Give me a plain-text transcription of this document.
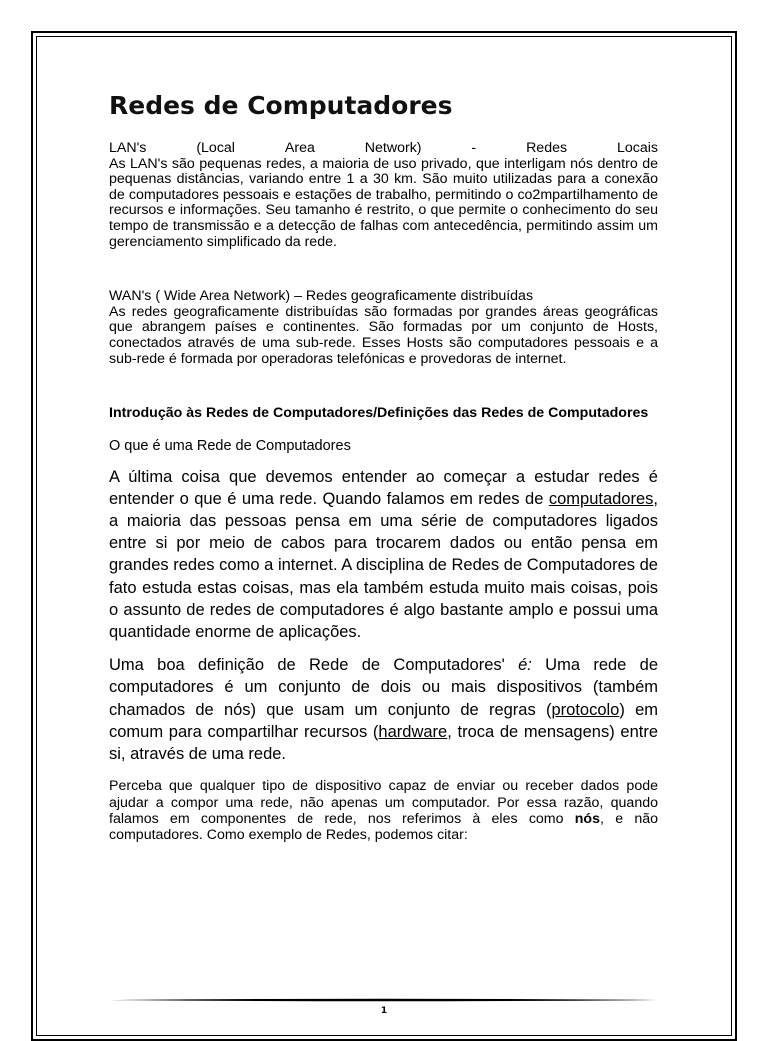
Redes de Computadores
LAN's	(Local	Area	Network)	-	Redes	Locais

As LAN's são pequenas redes, a maioria de uso privado, que interligam nós dentro de pequenas distâncias, variando entre 1 a 30 km. São muito utilizadas para a conexão de computadores pessoais e estações de trabalho, permitindo o co2mpartilhamento de recursos e informações. Seu tamanho é restrito, o que permite o conhecimento do seu tempo de transmissão e a detecção de falhas com antecedência, permitindo assim um gerenciamento simplificado da rede.

WAN's ( Wide Area Network) – Redes geograficamente distribuídas

As redes geograficamente distribuídas são formadas por grandes áreas geográficas que abrangem países e continentes. São formadas por um conjunto de Hosts, conectados através de uma sub-rede. Esses Hosts são computadores pessoais e a sub-rede é formada por operadoras telefónicas e provedoras de internet.

Introdução às Redes de Computadores/Definições das Redes de Computadores

O que é uma Rede de Computadores

A última coisa que devemos entender ao começar a estudar redes é entender o que é uma rede. Quando falamos em redes de computadores, a maioria das pessoas pensa em uma série de computadores ligados entre si por meio de cabos para trocarem dados ou então pensa em grandes redes como a internet. A disciplina de Redes de Computadores de fato estuda estas coisas, mas ela também estuda muito mais coisas, pois o assunto de redes de computadores é algo bastante amplo e possui uma quantidade enorme de aplicações.

Uma boa definição de Rede de Computadores' é: Uma rede de computadores é um conjunto de dois ou mais dispositivos (também chamados de nós) que usam um conjunto de regras (protocolo) em comum para compartilhar recursos (hardware, troca de mensagens) entre si, através de uma rede.

Perceba que qualquer tipo de dispositivo capaz de enviar ou receber dados pode ajudar a compor uma rede, não apenas um computador. Por essa razão, quando falamos em componentes de rede, nos referimos à eles como nós, e não computadores. Como exemplo de Redes, podemos citar:

1
